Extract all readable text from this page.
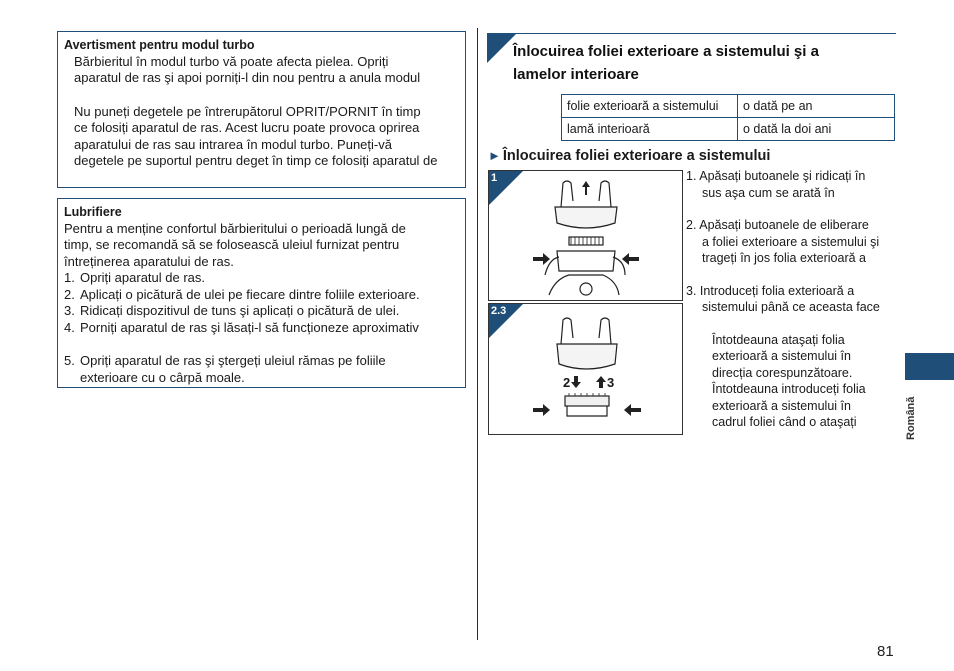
Avertisment pentru modul turbo

Bărbieritul în modul turbo vă poate afecta pielea. Opriți

aparatul de ras şi apoi porniți-l din nou pentru a anula modul

Nu puneți degetele pe întrerupătorul OPRIT/PORNIT în timp

ce folosiți aparatul de ras. Acest lucru poate provoca oprirea

aparatului de ras sau intrarea în modul turbo. Puneți-vă

degetele pe suportul pentru deget în timp ce folosiți aparatul de

Lubrifiere

Pentru a menține confortul bărbieritului o perioadă lungă de

timp, se recomandă să se folosească uleiul furnizat pentru

întreținerea aparatului de ras.

1. Opriți aparatul de ras.
2. Aplicați o picătură de ulei pe fiecare dintre foliile exterioare.
3. Ridicați dispozitivul de tuns şi aplicați o picătură de ulei.
4. Porniți aparatul de ras şi lăsați-l să funcționeze aproximativ
5. Opriți aparatul de ras şi ştergeți uleiul rămas pe foliile
exterioare cu o cârpă moale.
Înlocuirea foliei exterioare a sistemului şi a
lamelor interioare
folie exterioară a sistemului	o dată pe an
lamă interioară	o dată la doi ani
► Înlocuirea foliei exterioare a sistemului
1
2	3
2.3

1. Apăsați butoanele şi ridicați în

sus aşa cum se arată în

2. Apăsați butoanele de eliberare

a foliei exterioare a sistemului şi

trageți în jos folia exterioară a

3. Introduceți folia exterioară a

sistemului până ce aceasta face

Întotdeauna ataşați folia

exterioară a sistemului în

direcția corespunzătoare.

Întotdeauna introduceți folia

exterioară a sistemului în

cadrul foliei când o ataşați	Română
81
